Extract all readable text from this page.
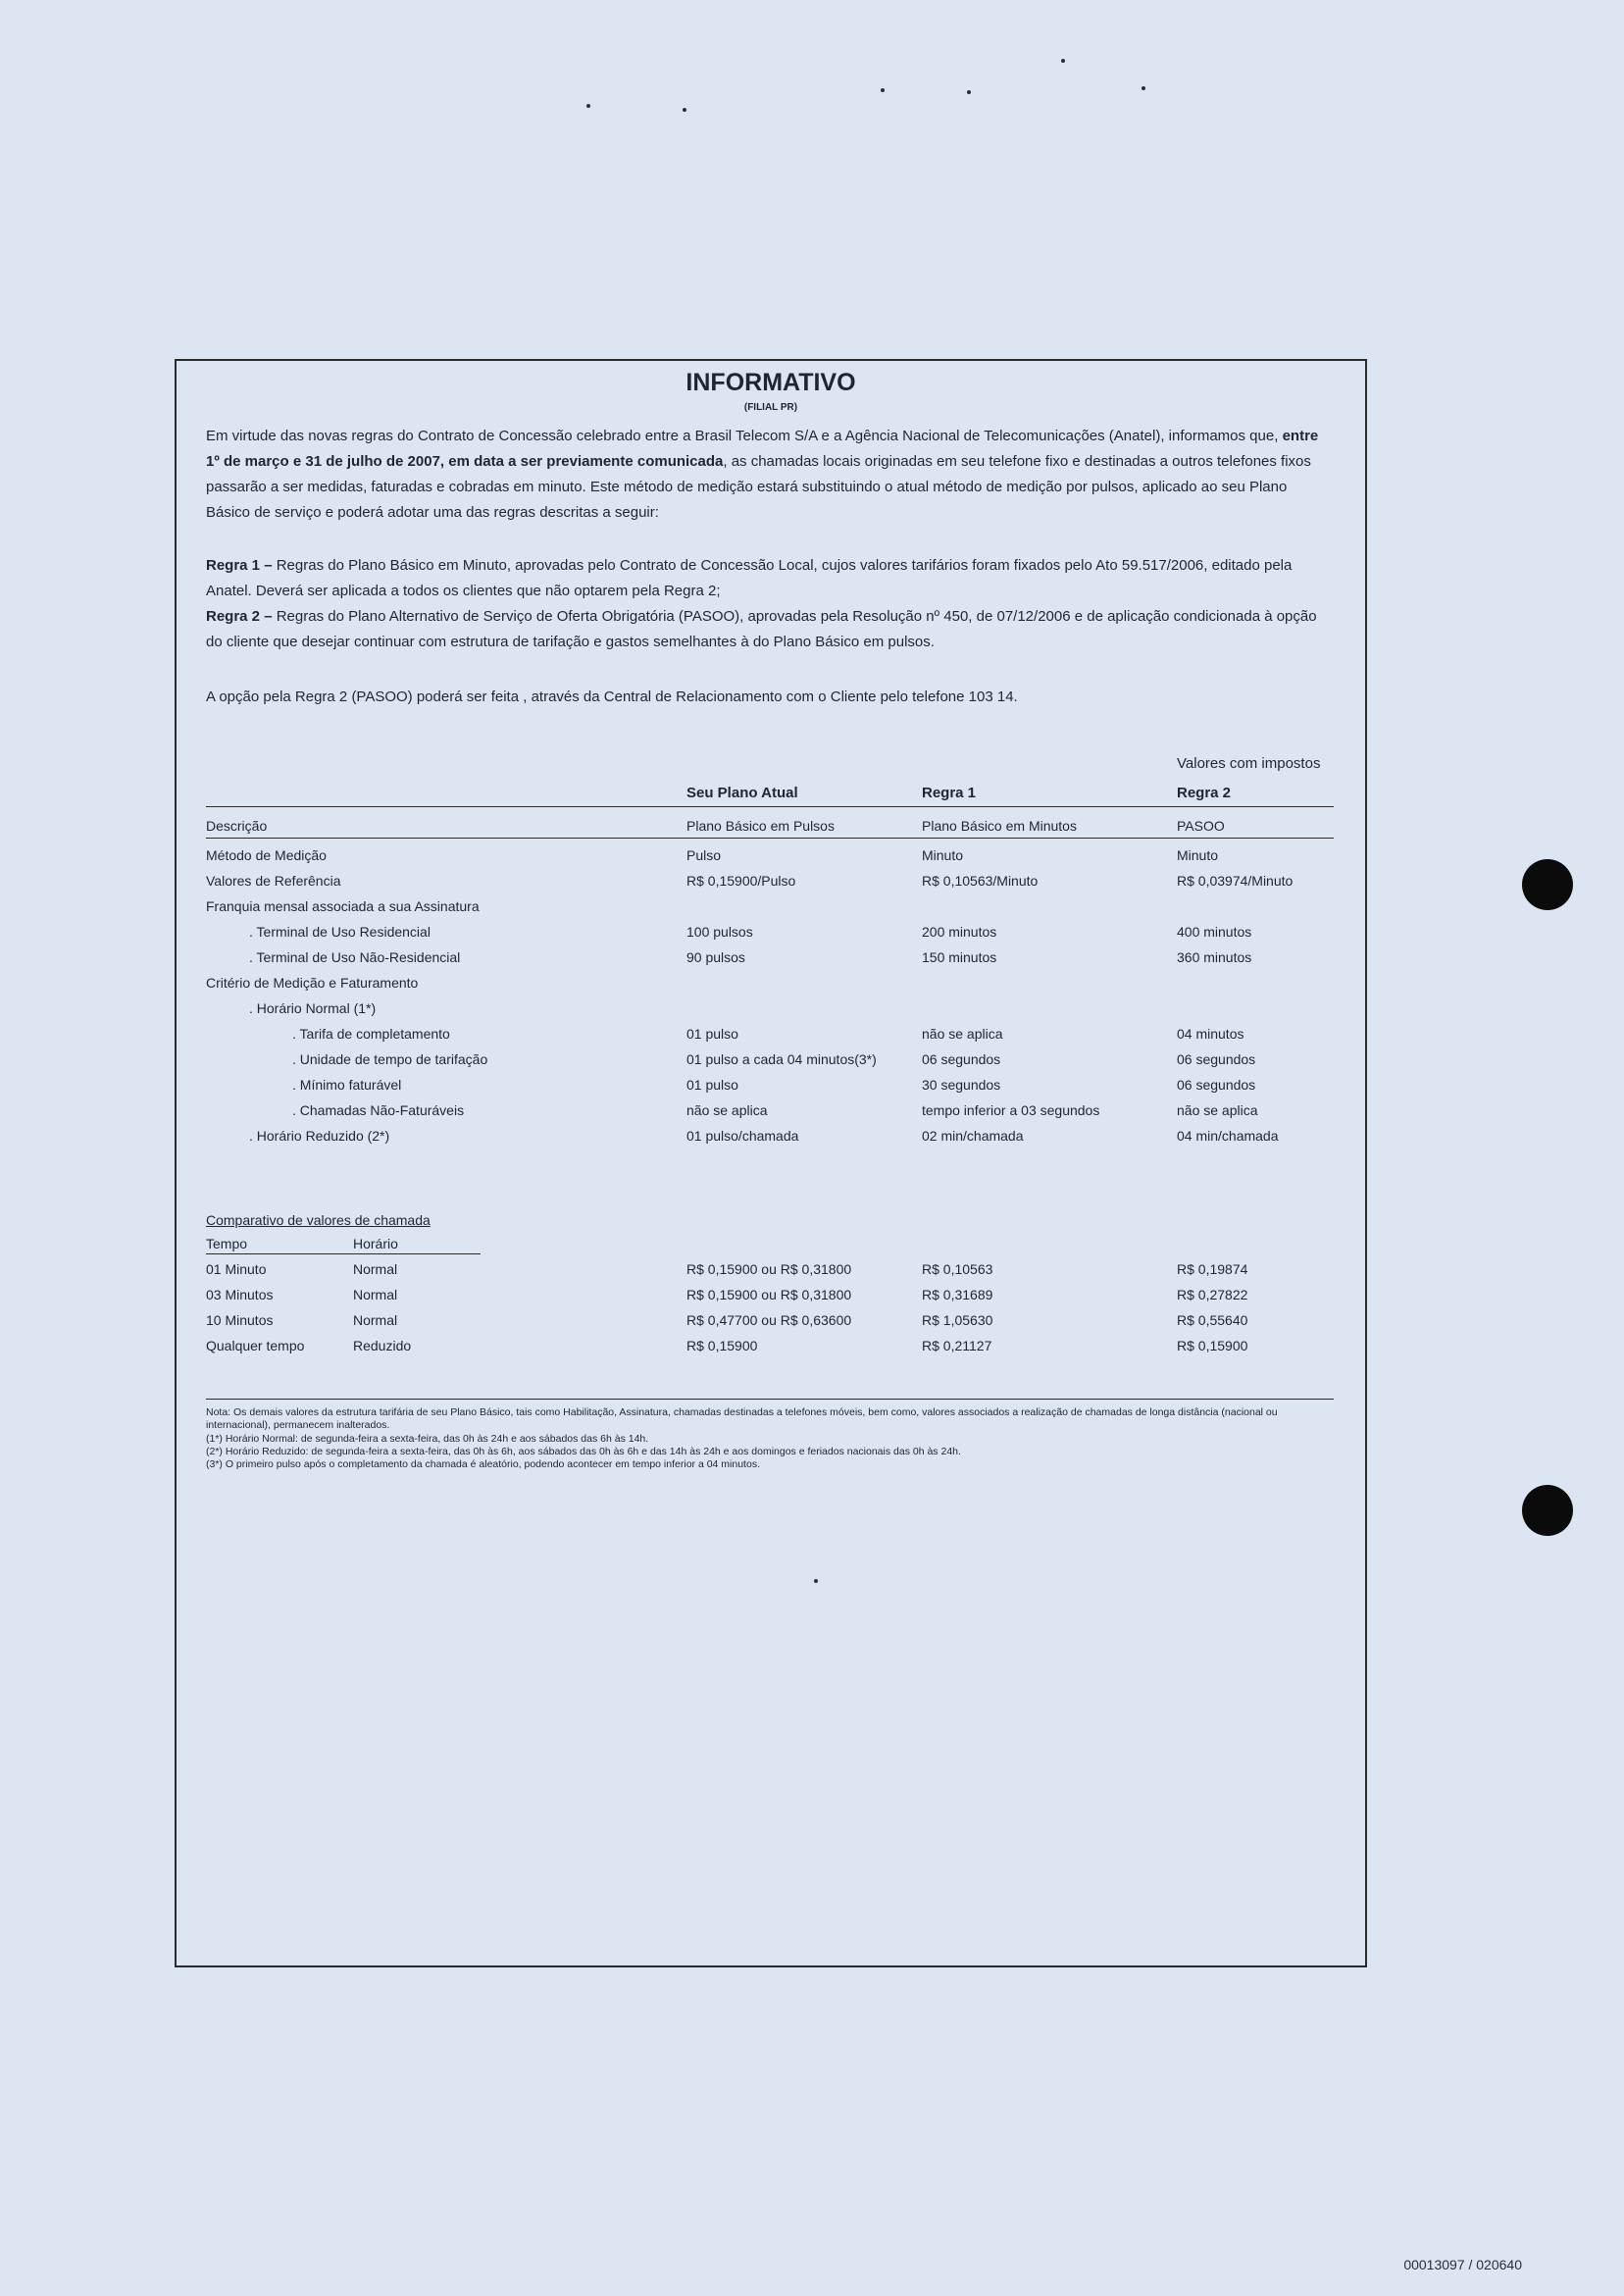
INFORMATIVO
(FILIAL PR)
Em virtude das novas regras do Contrato de Concessão celebrado entre a Brasil Telecom S/A e a Agência Nacional de Telecomunicações (Anatel), informamos que, entre 1º de março e 31 de julho de 2007, em data a ser previamente comunicada, as chamadas locais originadas em seu telefone fixo e destinadas a outros telefones fixos passarão a ser medidas, faturadas e cobradas em minuto. Este método de medição estará substituindo o atual método de medição por pulsos, aplicado ao seu Plano Básico de serviço e poderá adotar uma das regras descritas a seguir:
Regra 1 – Regras do Plano Básico em Minuto, aprovadas pelo Contrato de Concessão Local, cujos valores tarifários foram fixados pelo Ato 59.517/2006, editado pela Anatel. Deverá ser aplicada a todos os clientes que não optarem pela Regra 2;
Regra 2 – Regras do Plano Alternativo de Serviço de Oferta Obrigatória (PASOO), aprovadas pela Resolução nº 450, de 07/12/2006 e de aplicação condicionada à opção do cliente que desejar continuar com estrutura de tarifação e gastos semelhantes à do Plano Básico em pulsos.
A opção pela Regra 2 (PASOO) poderá ser feita , através da Central de Relacionamento com o Cliente pelo telefone 103 14.
Valores com impostos
Seu Plano Atual	Regra 1	Regra 2
Descrição	Plano Básico em Pulsos	Plano Básico em Minutos	PASOO
Método de Medição	Pulso	Minuto	Minuto
Valores de Referência	R$ 0,15900/Pulso	R$ 0,10563/Minuto	R$ 0,03974/Minuto
Franquia mensal associada a sua Assinatura
. Terminal de Uso Residencial	100 pulsos	200 minutos	400 minutos
. Terminal de Uso Não-Residencial	90 pulsos	150 minutos	360 minutos
Critério de Medição e Faturamento
. Horário Normal (1*)
. Tarifa de completamento	01 pulso	não se aplica	04 minutos
. Unidade de tempo de tarifação	01 pulso a cada 04 minutos(3*)	06 segundos	06 segundos
. Mínimo faturável	01 pulso	30 segundos	06 segundos
. Chamadas Não-Faturáveis	não se aplica	tempo inferior a 03 segundos	não se aplica
. Horário Reduzido (2*)	01 pulso/chamada	02 min/chamada	04 min/chamada
Comparativo de valores de chamada
Tempo	Horário
01 Minuto	Normal	R$ 0,15900 ou R$ 0,31800	R$ 0,10563	R$ 0,19874
03 Minutos	Normal	R$ 0,15900 ou R$ 0,31800	R$ 0,31689	R$ 0,27822
10 Minutos	Normal	R$ 0,47700 ou R$ 0,63600	R$ 1,05630	R$ 0,55640
Qualquer tempo	Reduzido	R$ 0,15900	R$ 0,21127	R$ 0,15900
Nota: Os demais valores da estrutura tarifária de seu Plano Básico, tais como Habilitação, Assinatura, chamadas destinadas a telefones móveis, bem como, valores associados a realização de chamadas de longa distância (nacional ou internacional), permanecem inalterados.
(1*) Horário Normal: de segunda-feira a sexta-feira, das 0h às 24h e aos sábados das 6h às 14h.
(2*) Horário Reduzido: de segunda-feira a sexta-feira, das 0h às 6h, aos sábados das 0h às 6h e das 14h às 24h e aos domingos e feriados nacionais das 0h às 24h.
(3*) O primeiro pulso após o completamento da chamada é aleatório, podendo acontecer em tempo inferior a 04 minutos.
00013097 / 020640
